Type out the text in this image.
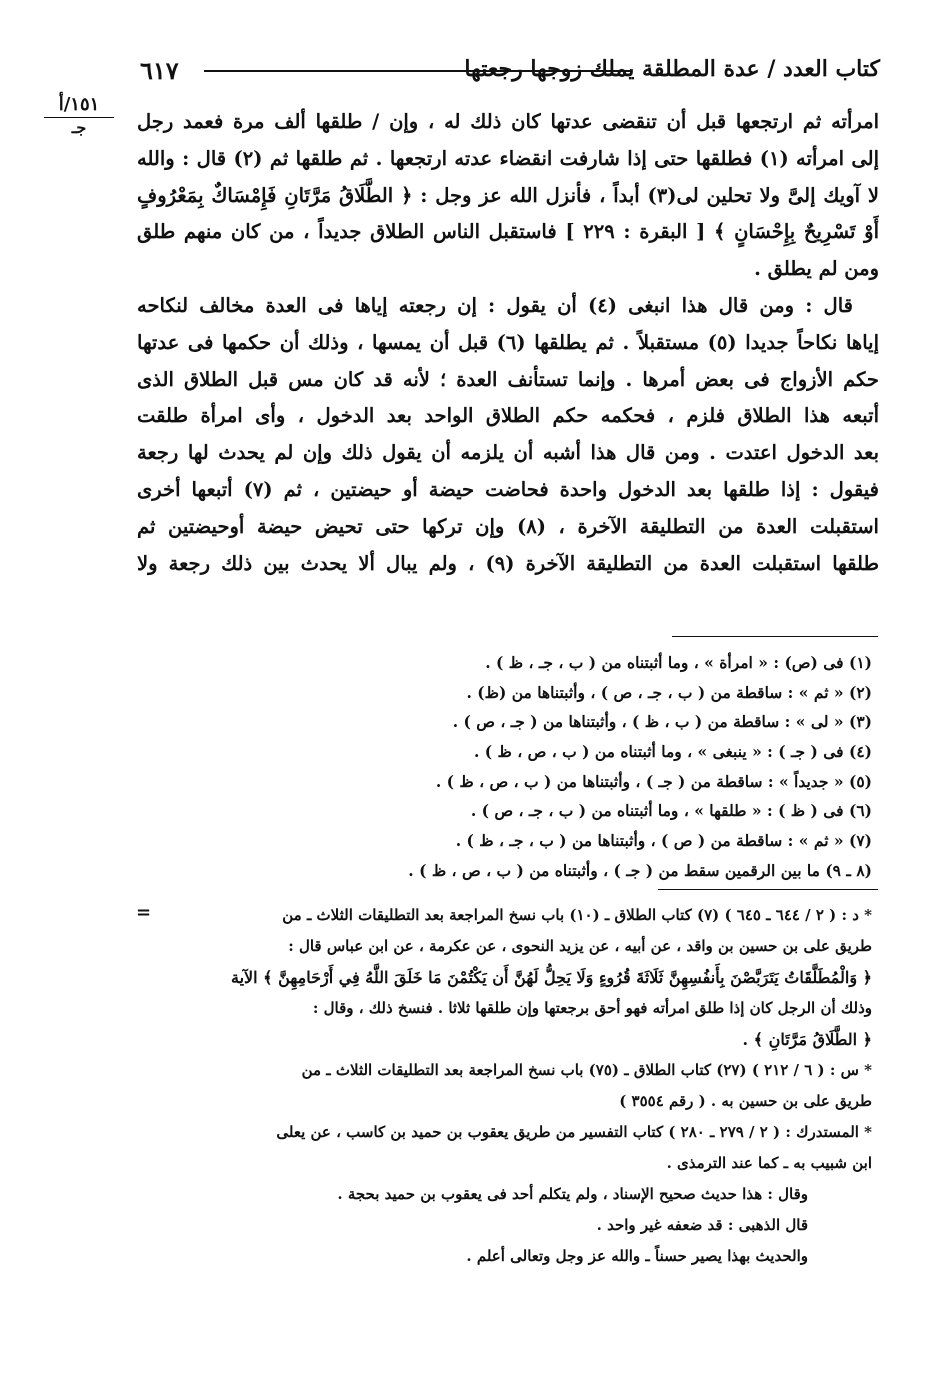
٦١٧	كتاب العدد / عدة المطلقة يملك زوجها رجعتها
١٥١/أ
جـ	امرأته ثم ارتجعها قبل أن تنقضى عدتها كان ذلك له ، وإن / طلقها ألف مرة فعمد رجل
إلى امرأته (١) فطلقها حتى إذا شارفت انقضاء عدته ارتجعها . ثم طلقها ثم (٢) قال : والله
لا آويك إلىَّ ولا تحلين لى(٣) أبداً ، فأنزل الله عز وجل : ﴿ الطَّلَاقُ مَرَّتَانِ فَإِمْسَاكٌ بِمَعْرُوفٍ
أَوْ تَسْرِيحٌ بِإِحْسَانٍ ﴾ [ البقرة : ٢٢٩ ] فاستقبل الناس الطلاق جديداً ، من كان منهم طلق
ومن لم يطلق .
قال : ومن قال هذا انبغى (٤) أن يقول : إن رجعته إياها فى العدة مخالف لنكاحه
إياها نكاحاً جديدا (٥) مستقبلاً . ثم يطلقها (٦) قبل أن يمسها ، وذلك أن حكمها فى عدتها
حكم الأزواج فى بعض أمرها . وإنما تستأنف العدة ؛ لأنه قد كان مس قبل الطلاق الذى
أتبعه هذا الطلاق فلزم ، فحكمه حكم الطلاق الواحد بعد الدخول ، وأى امرأة طلقت
بعد الدخول اعتدت . ومن قال هذا أشبه أن يلزمه أن يقول ذلك وإن لم يحدث لها رجعة
فيقول : إذا طلقها بعد الدخول واحدة فحاضت حيضة أو حيضتين ، ثم (٧) أتبعها أخرى
استقبلت العدة من التطليقة الآخرة ، (٨) وإن تركها حتى تحيض حيضة أوحيضتين ثم
طلقها استقبلت العدة من التطليقة الآخرة (٩) ، ولم يبال ألا يحدث بين ذلك رجعة ولا
(١) فى (ص) : « امرأة » ، وما أثبتناه من ( ب ، جـ ، ظ ) .
(٢) « ثم » : ساقطة من ( ب ، جـ ، ص ) ، وأثبتناها من (ظ) .
(٣) « لى » : ساقطة من ( ب ، ظ ) ، وأثبتناها من ( جـ ، ص ) .
(٤) فى ( جـ ) : « ينبغى » ، وما أثبتناه من ( ب ، ص ، ظ ) .
(٥) « جديداً » : ساقطة من ( جـ ) ، وأثبتناها من ( ب ، ص ، ظ ) .
(٦) فى ( ظ ) : « طلقها » ، وما أثبتناه من ( ب ، جـ ، ص ) .
(٧) « ثم » : ساقطة من ( ص ) ، وأثبتناها من ( ب ، جـ ، ظ ) .
(٨ ـ ٩) ما بين الرقمين سقط من ( جـ ) ، وأثبتناه من ( ب ، ص ، ظ ) .
=	* د : ( ٢ / ٦٤٤ ـ ٦٤٥ ) (٧) كتاب الطلاق ـ (١٠) باب نسخ المراجعة بعد التطليقات الثلاث ـ من
طريق على بن حسين بن واقد ، عن أبيه ، عن يزيد النحوى ، عن عكرمة ، عن ابن عباس قال :
﴿ وَالْمُطَلَّقَاتُ يَتَرَبَّصْنَ بِأَنفُسِهِنَّ ثَلَاثَةَ قُرُوءٍ وَلَا يَحِلُّ لَهُنَّ أَن يَكْتُمْنَ مَا خَلَقَ اللَّهُ فِي أَرْحَامِهِنَّ ﴾ الآية
وذلك أن الرجل كان إذا طلق امرأته فهو أحق برجعتها وإن طلقها ثلاثا . فنسخ ذلك ، وقال :
﴿ الطَّلَاقُ مَرَّتَانِ ﴾ .
* س : ( ٦ / ٢١٢ ) (٢٧) كتاب الطلاق ـ (٧٥) باب نسخ المراجعة بعد التطليقات الثلاث ـ من
طريق على بن حسين به . ( رقم ٣٥٥٤ )
* المستدرك : ( ٢ / ٢٧٩ ـ ٢٨٠ ) كتاب التفسير من طريق يعقوب بن حميد بن كاسب ، عن يعلى
ابن شبيب به ـ كما عند الترمذى .
وقال : هذا حديث صحيح الإسناد ، ولم يتكلم أحد فى يعقوب بن حميد بحجة .
قال الذهبى : قد ضعفه غير واحد .
والحديث بهذا يصير حسناً ـ والله عز وجل وتعالى أعلم .
